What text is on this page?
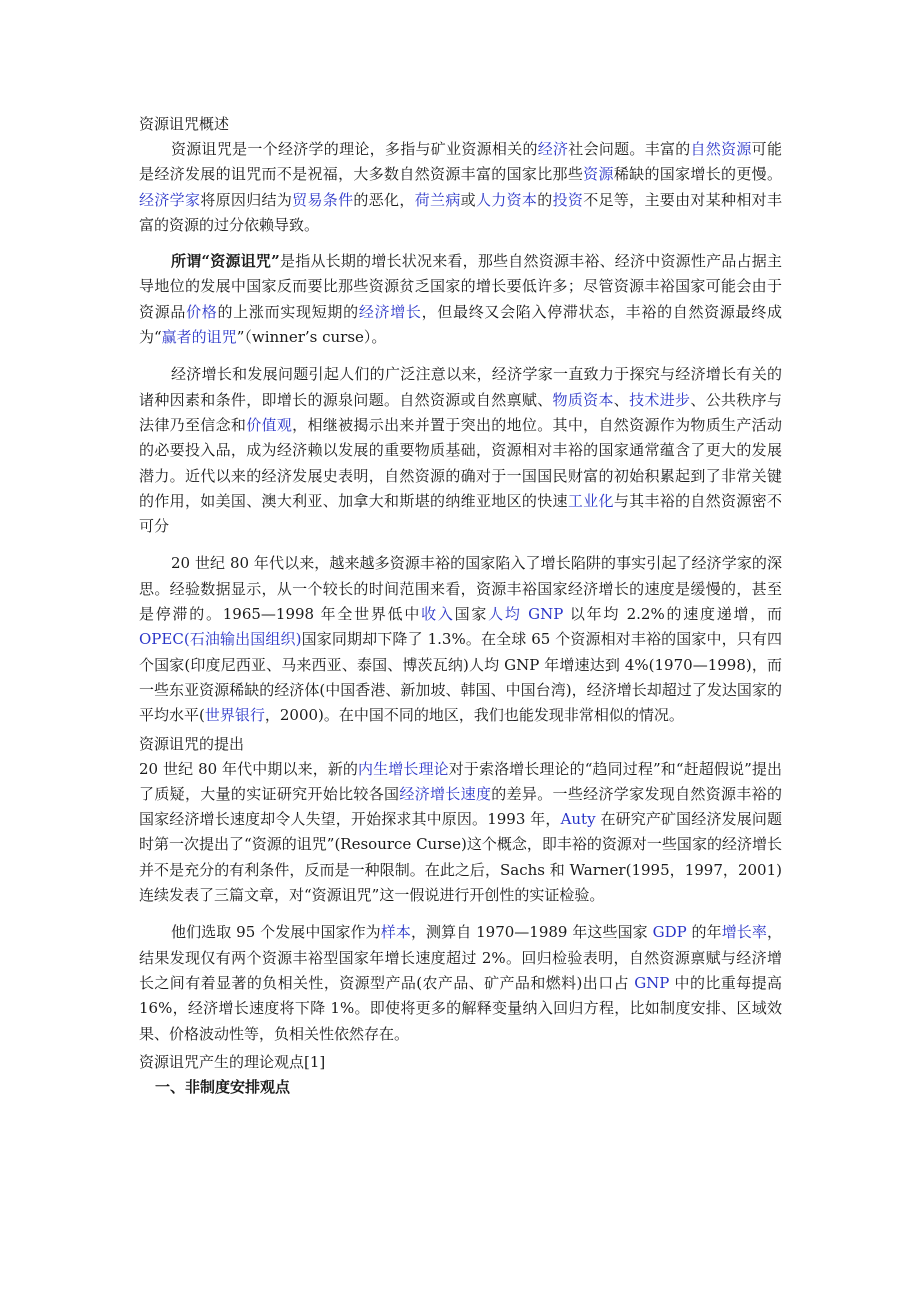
资源诅咒概述

资源诅咒是一个经济学的理论，多指与矿业资源相关的经济社会问题。丰富的自然资源可能是经济发展的诅咒而不是祝福，大多数自然资源丰富的国家比那些资源稀缺的国家增长的更慢。经济学家将原因归结为贸易条件的恶化，荷兰病或人力资本的投资不足等，主要由对某种相对丰富的资源的过分依赖导致。

所谓“资源诅咒”是指从长期的增长状况来看，那些自然资源丰裕、经济中资源性产品占据主导地位的发展中国家反而要比那些资源贫乏国家的增长要低许多；尽管资源丰裕国家可能会由于资源品价格的上涨而实现短期的经济增长，但最终又会陷入停滞状态，丰裕的自然资源最终成为“赢者的诅咒”（winner’s curse）。

经济增长和发展问题引起人们的广泛注意以来，经济学家一直致力于探究与经济增长有关的诸种因素和条件，即增长的源泉问题。自然资源或自然禀赋、物质资本、技术进步、公共秩序与法律乃至信念和价值观，相继被揭示出来并置于突出的地位。其中，自然资源作为物质生产活动的必要投入品，成为经济赖以发展的重要物质基础，资源相对丰裕的国家通常蕴含了更大的发展潜力。近代以来的经济发展史表明，自然资源的确对于一国国民财富的初始积累起到了非常关键的作用，如美国、澳大利亚、加拿大和斯堪的纳维亚地区的快速工业化与其丰裕的自然资源密不可分

20 世纪 80 年代以来，越来越多资源丰裕的国家陷入了增长陷阱的事实引起了经济学家的深思。经验数据显示，从一个较长的时间范围来看，资源丰裕国家经济增长的速度是缓慢的，甚至是停滞的。1965—1998 年全世界低中收入国家人均 GNP 以年均 2.2%的速度递增，而 OPEC(石油输出国组织)国家同期却下降了 1.3%。在全球 65 个资源相对丰裕的国家中，只有四个国家(印度尼西亚、马来西亚、泰国、博茨瓦纳)人均 GNP 年增速达到 4%(1970—1998)，而一些东亚资源稀缺的经济体(中国香港、新加坡、韩国、中国台湾)，经济增长却超过了发达国家的平均水平(世界银行，2000)。在中国不同的地区，我们也能发现非常相似的情况。

资源诅咒的提出

20 世纪 80 年代中期以来，新的内生增长理论对于索洛增长理论的“趋同过程”和“赶超假说”提出了质疑，大量的实证研究开始比较各国经济增长速度的差异。一些经济学家发现自然资源丰裕的国家经济增长速度却令人失望，开始探求其中原因。1993 年，Auty 在研究产矿国经济发展问题时第一次提出了“资源的诅咒”(Resource Curse)这个概念，即丰裕的资源对一些国家的经济增长并不是充分的有利条件，反而是一种限制。在此之后，Sachs 和 Warner(1995，1997，2001)连续发表了三篇文章，对“资源诅咒”这一假说进行开创性的实证检验。

他们选取 95 个发展中国家作为样本，测算自 1970—1989 年这些国家 GDP 的年增长率，结果发现仅有两个资源丰裕型国家年增长速度超过 2%。回归检验表明，自然资源禀赋与经济增长之间有着显著的负相关性，资源型产品(农产品、矿产品和燃料)出口占 GNP 中的比重每提高 16%，经济增长速度将下降 1%。即使将更多的解释变量纳入回归方程，比如制度安排、区域效果、价格波动性等，负相关性依然存在。

资源诅咒产生的理论观点[1]
一、非制度安排观点
